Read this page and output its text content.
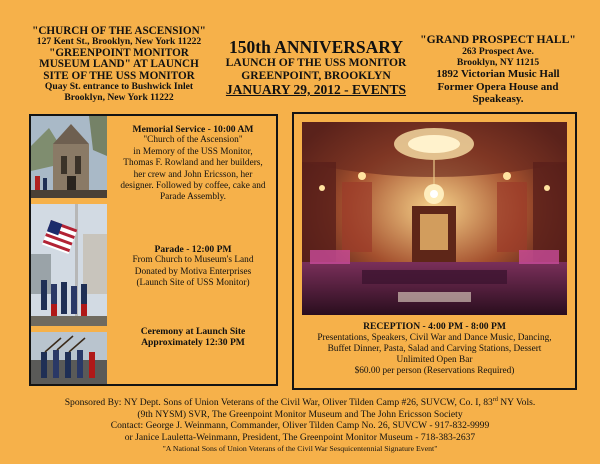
"CHURCH OF THE ASCENSION"
127 Kent St., Brooklyn, New York 11222
"GREENPOINT MONITOR
MUSEUM LAND" AT LAUNCH
SITE OF THE USS MONITOR
Quay St. entrance to Bushwick Inlet
Brooklyn, New York 11222
150th ANNIVERSARY
LAUNCH OF THE USS MONITOR
GREENPOINT, BROOKLYN
JANUARY 29, 2012 - EVENTS
"GRAND PROSPECT HALL"
263 Prospect Ave.
Brooklyn, NY 11215
1892 Victorian Music Hall
Former Opera House and
Speakeasy.
Memorial Service - 10:00 AM
"Church of the Ascension"
in Memory of the USS Monitor,
Thomas F. Rowland and her builders,
her crew and John Ericsson, her
designer. Followed by coffee, cake and
Parade Assembly.
Parade - 12:00 PM
From Church to Museum's Land
Donated by Motiva Enterprises
(Launch Site of USS Monitor)
Ceremony at Launch Site
Approximately 12:30 PM
RECEPTION - 4:00 PM - 8:00 PM
Presentations, Speakers, Civil War and Dance Music, Dancing,
Buffet Dinner, Pasta, Salad and Carving Stations, Dessert
Unlimited Open Bar
$60.00 per person (Reservations Required)
Sponsored By: NY Dept. Sons of Union Veterans of the Civil War, Oliver Tilden Camp #26, SUVCW, Co. I, 83rd NY Vols.
(9th NYSM) SVR, The Greenpoint Monitor Museum and The John Ericsson Society
Contact: George J. Weinmann, Commander, Oliver Tilden Camp No. 26, SUVCW - 917-832-9999
or Janice Lauletta-Weinmann, President, The Greenpoint Monitor Museum - 718-383-2637
"A National Sons of Union Veterans of the Civil War Sesquicentennial Signature Event"
